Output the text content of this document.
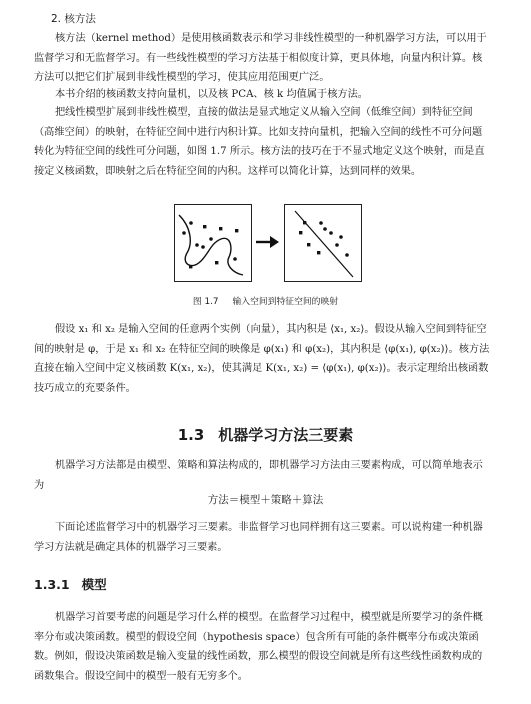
2. 核方法

核方法（kernel method）是使用核函数表示和学习非线性模型的一种机器学习方法，可以用于监督学习和无监督学习。有一些线性模型的学习方法基于相似度计算，更具体地，向量内积计算。核方法可以把它们扩展到非线性模型的学习，使其应用范围更广泛。

本书介绍的核函数支持向量机，以及核 PCA、核 k 均值属于核方法。

把线性模型扩展到非线性模型，直接的做法是显式地定义从输入空间（低维空间）到特征空间（高维空间）的映射，在特征空间中进行内积计算。比如支持向量机，把输入空间的线性不可分问题转化为特征空间的线性可分问题，如图 1.7 所示。核方法的技巧在于不显式地定义这个映射，而是直接定义核函数，即映射之后在特征空间的内积。这样可以简化计算，达到同样的效果。

图 1.7 输入空间到特征空间的映射

假设 x₁ 和 x₂ 是输入空间的任意两个实例（向量），其内积是 ⟨x₁, x₂⟩。假设从输入空间到特征空间的映射是 φ，于是 x₁ 和 x₂ 在特征空间的映像是 φ(x₁) 和 φ(x₂)，其内积是 ⟨φ(x₁), φ(x₂)⟩。核方法直接在输入空间中定义核函数 K(x₁, x₂)，使其满足 K(x₁, x₂) = ⟨φ(x₁), φ(x₂)⟩。表示定理给出核函数技巧成立的充要条件。

1.3 机器学习方法三要素

机器学习方法都是由模型、策略和算法构成的，即机器学习方法由三要素构成，可以简单地表示为

方法＝模型＋策略＋算法

下面论述监督学习中的机器学习三要素。非监督学习也同样拥有这三要素。可以说构建一种机器学习方法就是确定具体的机器学习三要素。

1.3.1 模型

机器学习首要考虑的问题是学习什么样的模型。在监督学习过程中，模型就是所要学习的条件概率分布或决策函数。模型的假设空间（hypothesis space）包含所有可能的条件概率分布或决策函数。例如，假设决策函数是输入变量的线性函数，那么模型的假设空间就是所有这些线性函数构成的函数集合。假设空间中的模型一般有无穷多个。
